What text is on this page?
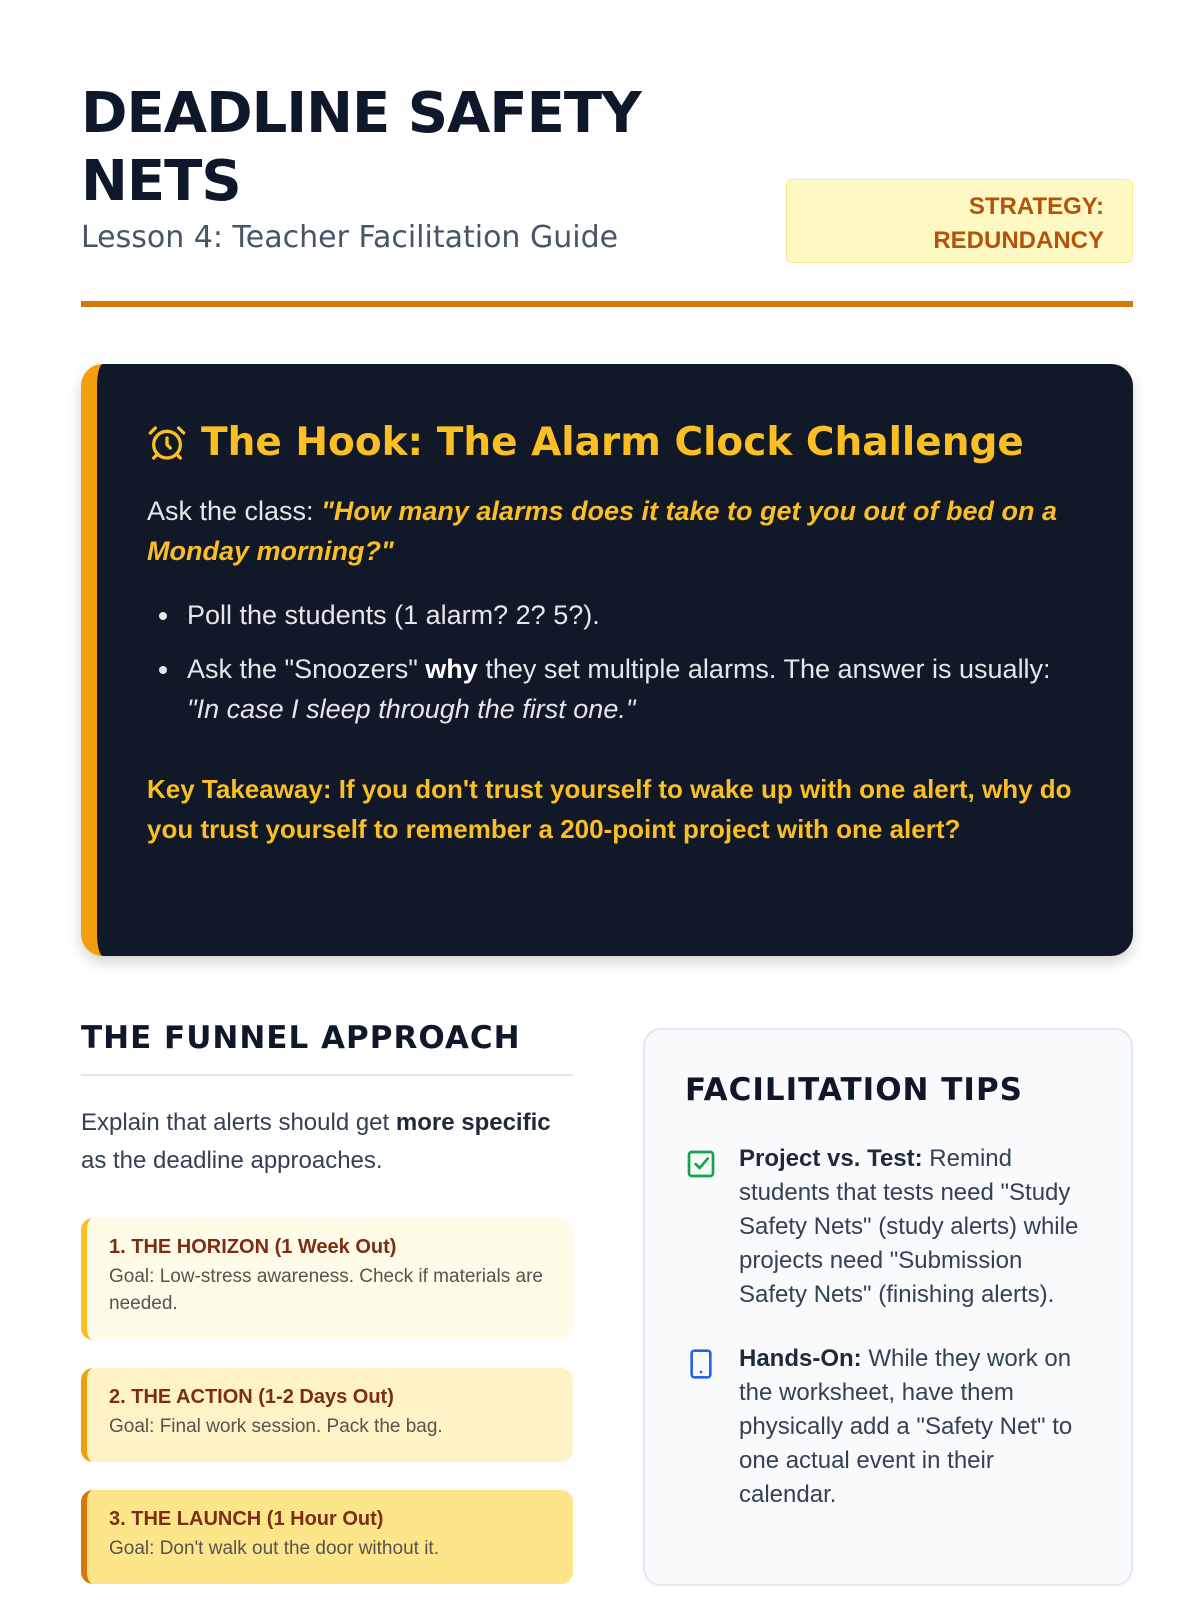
DEADLINE SAFETY NETS
Lesson 4: Teacher Facilitation Guide
STRATEGY: REDUNDANCY
The Hook: The Alarm Clock Challenge

Ask the class: "How many alarms does it take to get you out of bed on a Monday morning?"

Poll the students (1 alarm? 2? 5?).
Ask the "Snoozers" why they set multiple alarms. The answer is usually: "In case I sleep through the first one."

Key Takeaway: If you don't trust yourself to wake up with one alert, why do you trust yourself to remember a 200-point project with one alert?

THE FUNNEL APPROACH

Explain that alerts should get more specific as the deadline approaches.

1. THE HORIZON (1 Week Out)
Goal: Low-stress awareness. Check if materials are needed.
2. THE ACTION (1-2 Days Out)
Goal: Final work session. Pack the bag.
3. THE LAUNCH (1 Hour Out)
Goal: Don't walk out the door without it.
FACILITATION TIPS
Project vs. Test: Remind students that tests need "Study Safety Nets" (study alerts) while projects need "Submission Safety Nets" (finishing alerts).
Hands-On: While they work on the worksheet, have them physically add a "Safety Net" to one actual event in their calendar.
